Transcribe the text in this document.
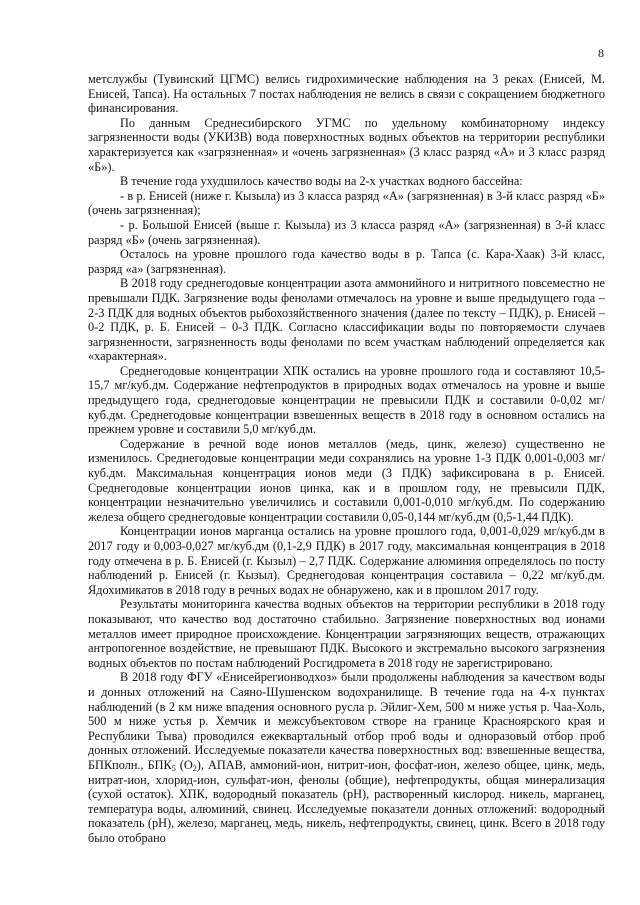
8

метслужбы (Тувинский ЦГМС) велись гидрохимические наблюдения на 3 реках (Енисей, М. Енисей, Тапса). На остальных 7 постах наблюдения не велись в связи с сокращением бюджетного финансирования.

По данным Среднесибирского УГМС по удельному комбинаторному индексу загрязненности воды (УКИЗВ) вода поверхностных водных объектов на территории республики характеризуется как «загрязненная» и «очень загрязненная» (3 класс разряд «А» и 3 класс разряд «Б»).

В течение года ухудшилось качество воды на 2-х участках водного бассейна:

- в р. Енисей (ниже г. Кызыла) из 3 класса разряд «А» (загрязненная) в 3-й класс разряд «Б» (очень загрязненная);

- р. Большой Енисей (выше г. Кызыла) из 3 класса разряд «А» (загрязненная) в 3-й класс разряд «Б» (очень загрязненная).

Осталось на уровне прошлого года качество воды в р. Тапса (с. Кара-Хаак) 3-й класс, разряд «а» (загрязненная).

В 2018 году среднегодовые концентрации азота аммонийного и нитритного повсеместно не превышали ПДК. Загрязнение воды фенолами отмечалось на уровне и выше предыдущего года – 2-3 ПДК для водных объектов рыбохозяйственного значения (далее по тексту – ПДК), р. Енисей – 0-2 ПДК, р. Б. Енисей – 0-3 ПДК. Согласно классификации воды по повторяемости случаев загрязненности, загрязненность воды фенолами по всем участкам наблюдений определяется как «характерная».

Среднегодовые концентрации ХПК остались на уровне прошлого года и составляют 10,5-15,7 мг/куб.дм. Содержание нефтепродуктов в природных водах отмечалось на уровне и выше предыдущего года, среднегодовые концентрации не превысили ПДК и составили 0-0,02 мг/куб.дм. Среднегодовые концентрации взвешенных веществ в 2018 году в основном остались на прежнем уровне и составили 5,0 мг/куб.дм.

Содержание в речной воде ионов металлов (медь, цинк, железо) существенно не изменилось. Среднегодовые концентрации меди сохранялись на уровне 1-3 ПДК 0,001-0,003 мг/куб.дм. Максимальная концентрация ионов меди (3 ПДК) зафиксирована в р. Енисей. Среднегодовые концентрации ионов цинка, как и в прошлом году, не превысили ПДК, концентрации незначительно увеличились и составили 0,001-0,010 мг/куб.дм. По содержанию железа общего среднегодовые концентрации составили 0,05-0,144 мг/куб.дм (0,5-1,44 ПДК).

Концентрации ионов марганца остались на уровне прошлого года, 0,001-0,029 мг/куб.дм в 2017 году и 0,003-0,027 мг/куб.дм (0,1-2,9 ПДК) в 2017 году, максимальная концентрация в 2018 году отмечена в р. Б. Енисей (г. Кызыл) – 2,7 ПДК. Содержание алюминия определялось по посту наблюдений р. Енисей (г. Кызыл). Среднегодовая концентрация составила – 0,22 мг/куб.дм. Ядохимикатов в 2018 году в речных водах не обнаружено, как и в прошлом 2017 году.

Результаты мониторинга качества водных объектов на территории республики в 2018 году показывают, что качество вод достаточно стабильно. Загрязнение поверхностных вод ионами металлов имеет природное происхождение. Концентрации загрязняющих веществ, отражающих антропогенное воздействие, не превышают ПДК. Высокого и экстремально высокого загрязнения водных объектов по постам наблюдений Росгидромета в 2018 году не зарегистрировано.

В 2018 году ФГУ «Енисейрегионводхоз» были продолжены наблюдения за качеством воды и донных отложений на Саяно-Шушенском водохранилище. В течение года на 4-х пунктах наблюдений (в 2 км ниже впадения основного русла р. Эйлиг-Хем, 500 м ниже устья р. Чаа-Холь, 500 м ниже устья р. Хемчик и межсубъектовом створе на границе Красноярского края и Республики Тыва) проводился ежеквартальный отбор проб воды и одноразовый отбор проб донных отложений. Исследуемые показатели качества поверхностных вод: взвешенные вещества, БПКполн., $БПК_5$ $(О_2)$, АПАВ, аммоний-ион, нитрит-ион, фосфат-ион, железо общее, цинк, медь, нитрат-ион, хлорид-ион, сульфат-ион, фенолы (общие), нефтепродукты, общая минерализация (сухой остаток). ХПК, водородный показатель (рН), растворенный кислород. никель, марганец, температура воды, алюминий, свинец. Исследуемые показатели донных отложений: водородный показатель (рН), железо, марганец, медь, никель, нефтепродукты, свинец, цинк. Всего в 2018 году было отобрано
